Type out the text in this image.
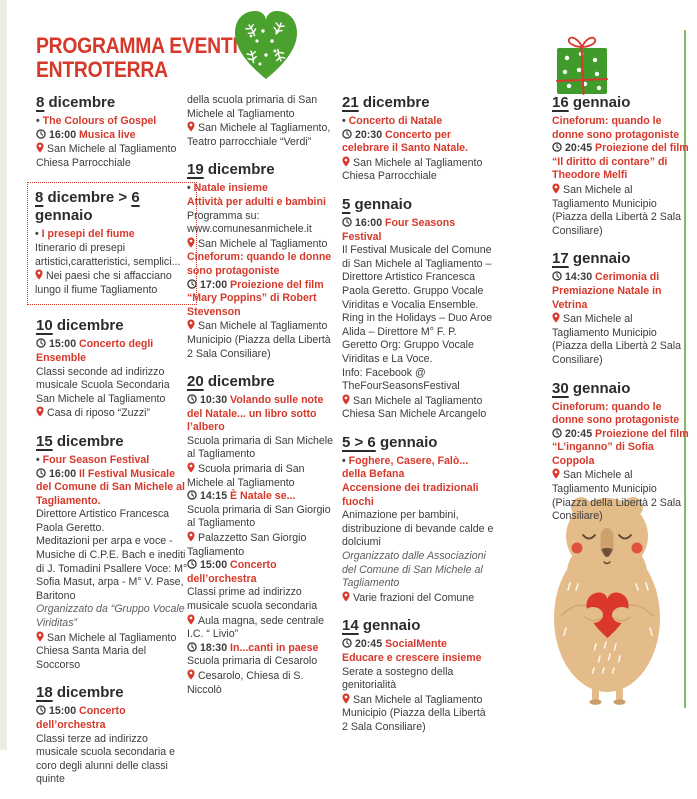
PROGRAMMA EVENTI
ENTROTERRA
8 dicembre

• The Colours of Gospel

16:00 Musica live

San Michele al Tagliamento Chiesa Parrocchiale

8 dicembre > 6 gennaio

• I presepi del fiume

Itinerario di presepi artistici,caratteristici, semplici...

Nei paesi che si affacciano lungo il fiume Tagliamento

10 dicembre

15:00 Concerto degli Ensemble

Classi seconde ad indirizzo musicale Scuola Secondaria San Michele al Tagliamento

Casa di riposo “Zuzzi”

15 dicembre

• Four Season Festival

16:00 Il Festival Musicale del Comune di San Michele al Tagliamento.

Direttore Artistico Francesca Paola Geretto.

Meditazioni per arpa e voce - Musiche di C.P.E. Bach e inediti di J. Tomadini Psallere Voce: M° Sofia Masut, arpa - M° V. Pase, Baritono

Organizzato da “Gruppo Vocale Viriditas”

San Michele al Tagliamento Chiesa Santa Maria del Soccorso

18 dicembre

15:00 Concerto dell’orchestra

Classi terze ad indirizzo musicale scuola secondaria e coro degli alunni delle classi quinte

della scuola primaria di San Michele al Tagliamento

San Michele al Tagliamento, Teatro parrocchiale “Verdi”

19 dicembre

• Natale insieme

Attività per adulti e bambini

Programma su: www.comunesanmichele.it

San Michele al Tagliamento

Cineforum: quando le donne sono protagoniste

17:00 Proiezione del film “Mary Poppins” di Robert Stevenson

San Michele al Tagliamento Municipio (Piazza della Libertà 2 Sala Consiliare)

20 dicembre

10:30 Volando sulle note del Natale... un libro sotto l’albero

Scuola primaria di San Michele al Tagliamento

Scuola primaria di San Michele al Tagliamento

14:15 È Natale se...

Scuola primaria di San Giorgio al Tagliamento

Palazzetto San Giorgio Tagliamento

15:00 Concerto dell’orchestra

Classi prime ad indirizzo musicale scuola secondaria

Aula magna, sede centrale I.C. “ Livio”

18:30 In...canti in paese

Scuola primaria di Cesarolo

Cesarolo, Chiesa di S. Niccolò

21 dicembre

• Concerto di Natale

20:30 Concerto per celebrare il Santo Natale.

San Michele al Tagliamento Chiesa Parrocchiale

5 gennaio

16:00 Four Seasons Festival

Il Festival Musicale del Comune di San Michele al Tagliamento – Direttore Artistico Francesca Paola Geretto. Gruppo Vocale Viriditas e Vocalia Ensemble. Ring in the Holidays – Duo Aroe Alida – Direttore M° F. P. Geretto Org: Gruppo Vocale Viriditas e La Voce.

Info: Facebook @ TheFourSeasonsFestival

San Michele al Tagliamento Chiesa San Michele Arcangelo

5 > 6 gennaio

• Foghere, Casere, Falò... della Befana

Accensione dei tradizionali fuochi

Animazione per bambini, distribuzione di bevande calde e dolciumi

Organizzato dalle Associazioni del Comune di San Michele al Tagliamento

Varie frazioni del Comune

14 gennaio

20:45 SocialMente

Educare e crescere insieme

Serate a sostegno della genitorialità

San Michele al Tagliamento Municipio (Piazza della Libertà 2 Sala Consiliare)

16 gennaio

Cineforum: quando le donne sono protagoniste

20:45 Proiezione del film “Il diritto di contare” di Theodore Melfi

San Michele al Tagliamento Municipio (Piazza della Libertà 2 Sala Consiliare)

17 gennaio

14:30 Cerimonia di Premiazione Natale in Vetrina

San Michele al Tagliamento Municipio (Piazza della Libertà 2 Sala Consiliare)

30 gennaio

Cineforum: quando le donne sono protagoniste

20:45 Proiezione del film “L’inganno” di Sofia Coppola

San Michele al Tagliamento Municipio (Piazza della Libertà 2 Sala Consiliare)
